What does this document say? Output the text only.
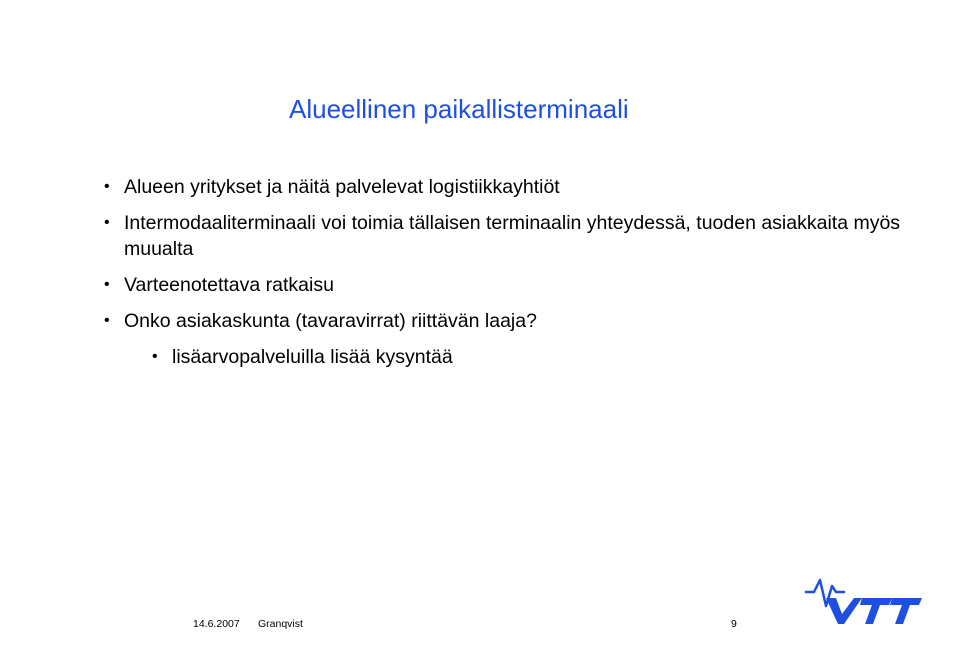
Alueellinen paikallisterminaali
• Alueen yritykset ja näitä palvelevat logistiikkayhtiöt
• Intermodaaliterminaali voi toimia tällaisen terminaalin yhteydessä, tuoden asiakkaita myös muualta
• Varteenotettava ratkaisu
• Onko asiakaskunta (tavaravirrat) riittävän laaja?
• lisäarvopalveluilla lisää kysyntää
14.6.2007 Granqvist	9
